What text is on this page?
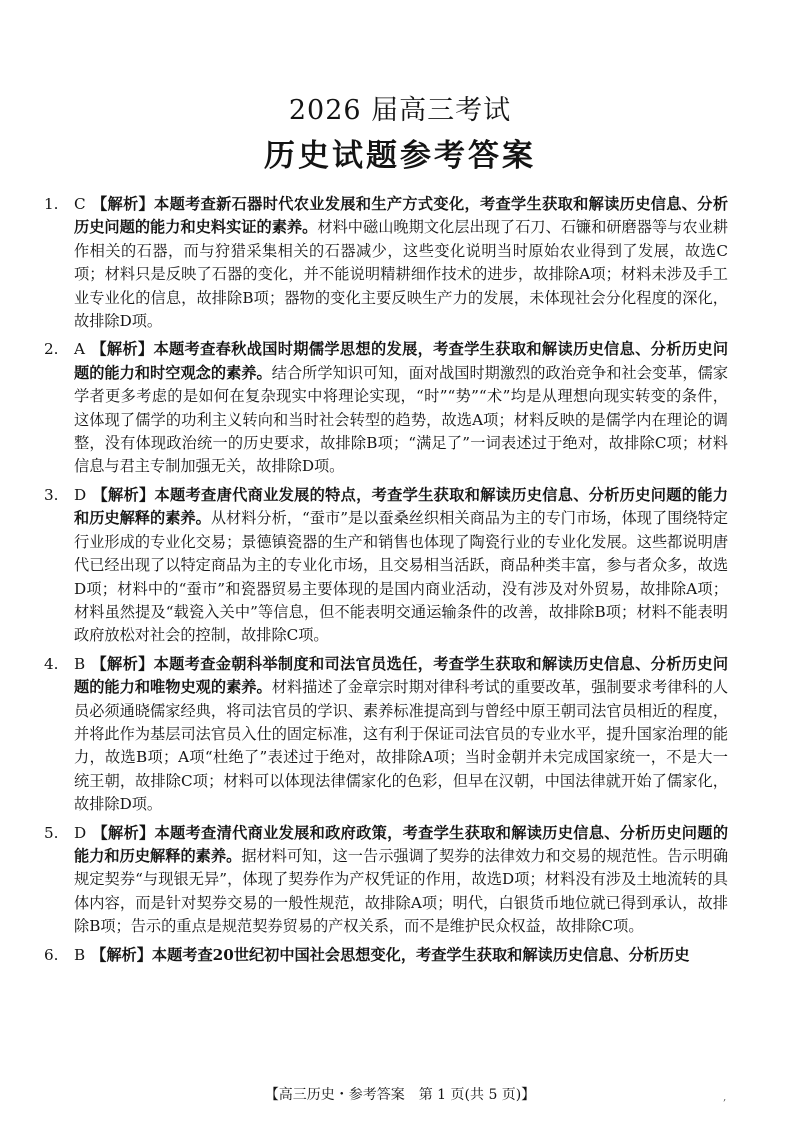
2026 届高三考试
历史试题参考答案
1. C 【解析】本题考查新石器时代农业发展和生产方式变化，考查学生获取和解读历史信息、分析历史问题的能力和史料实证的素养。材料中磁山晚期文化层出现了石刀、石镰和研磨器等与农业耕作相关的石器，而与狩猎采集相关的石器减少，这些变化说明当时原始农业得到了发展，故选C项；材料只是反映了石器的变化，并不能说明精耕细作技术的进步，故排除A项；材料未涉及手工业专业化的信息，故排除B项；器物的变化主要反映生产力的发展，未体现社会分化程度的深化，故排除D项。
2. A 【解析】本题考查春秋战国时期儒学思想的发展，考查学生获取和解读历史信息、分析历史问题的能力和时空观念的素养。结合所学知识可知，面对战国时期激烈的政治竞争和社会变革，儒家学者更多考虑的是如何在复杂现实中将理论实现，“时”“势”“术”均是从理想向现实转变的条件，这体现了儒学的功利主义转向和当时社会转型的趋势，故选A项；材料反映的是儒学内在理论的调整，没有体现政治统一的历史要求，故排除B项；“满足了”一词表述过于绝对，故排除C项；材料信息与君主专制加强无关，故排除D项。
3. D 【解析】本题考查唐代商业发展的特点，考查学生获取和解读历史信息、分析历史问题的能力和历史解释的素养。从材料分析，“蚕市”是以蚕桑丝织相关商品为主的专门市场，体现了围绕特定行业形成的专业化交易；景德镇瓷器的生产和销售也体现了陶瓷行业的专业化发展。这些都说明唐代已经出现了以特定商品为主的专业化市场，且交易相当活跃，商品种类丰富，参与者众多，故选D项；材料中的“蚕市”和瓷器贸易主要体现的是国内商业活动，没有涉及对外贸易，故排除A项；材料虽然提及“载瓷入关中”等信息，但不能表明交通运输条件的改善，故排除B项；材料不能表明政府放松对社会的控制，故排除C项。
4. B 【解析】本题考查金朝科举制度和司法官员选任，考查学生获取和解读历史信息、分析历史问题的能力和唯物史观的素养。材料描述了金章宗时期对律科考试的重要改革，强制要求考律科的人员必须通晓儒家经典，将司法官员的学识、素养标准提高到与曾经中原王朝司法官员相近的程度，并将此作为基层司法官员入仕的固定标准，这有利于保证司法官员的专业水平，提升国家治理的能力，故选B项；A项“杜绝了”表述过于绝对，故排除A项；当时金朝并未完成国家统一，不是大一统王朝，故排除C项；材料可以体现法律儒家化的色彩，但早在汉朝，中国法律就开始了儒家化，故排除D项。
5. D 【解析】本题考查清代商业发展和政府政策，考查学生获取和解读历史信息、分析历史问题的能力和历史解释的素养。据材料可知，这一告示强调了契券的法律效力和交易的规范性。告示明确规定契券“与现银无异”，体现了契券作为产权凭证的作用，故选D项；材料没有涉及土地流转的具体内容，而是针对契券交易的一般性规范，故排除A项；明代，白银货币地位就已得到承认，故排除B项；告示的重点是规范契券贸易的产权关系，而不是维护民众权益，故排除C项。
6. B 【解析】本题考查20世纪初中国社会思想变化，考查学生获取和解读历史信息、分析历史
【高三历史・参考答案　第 1 页(共 5 页)】	‚
